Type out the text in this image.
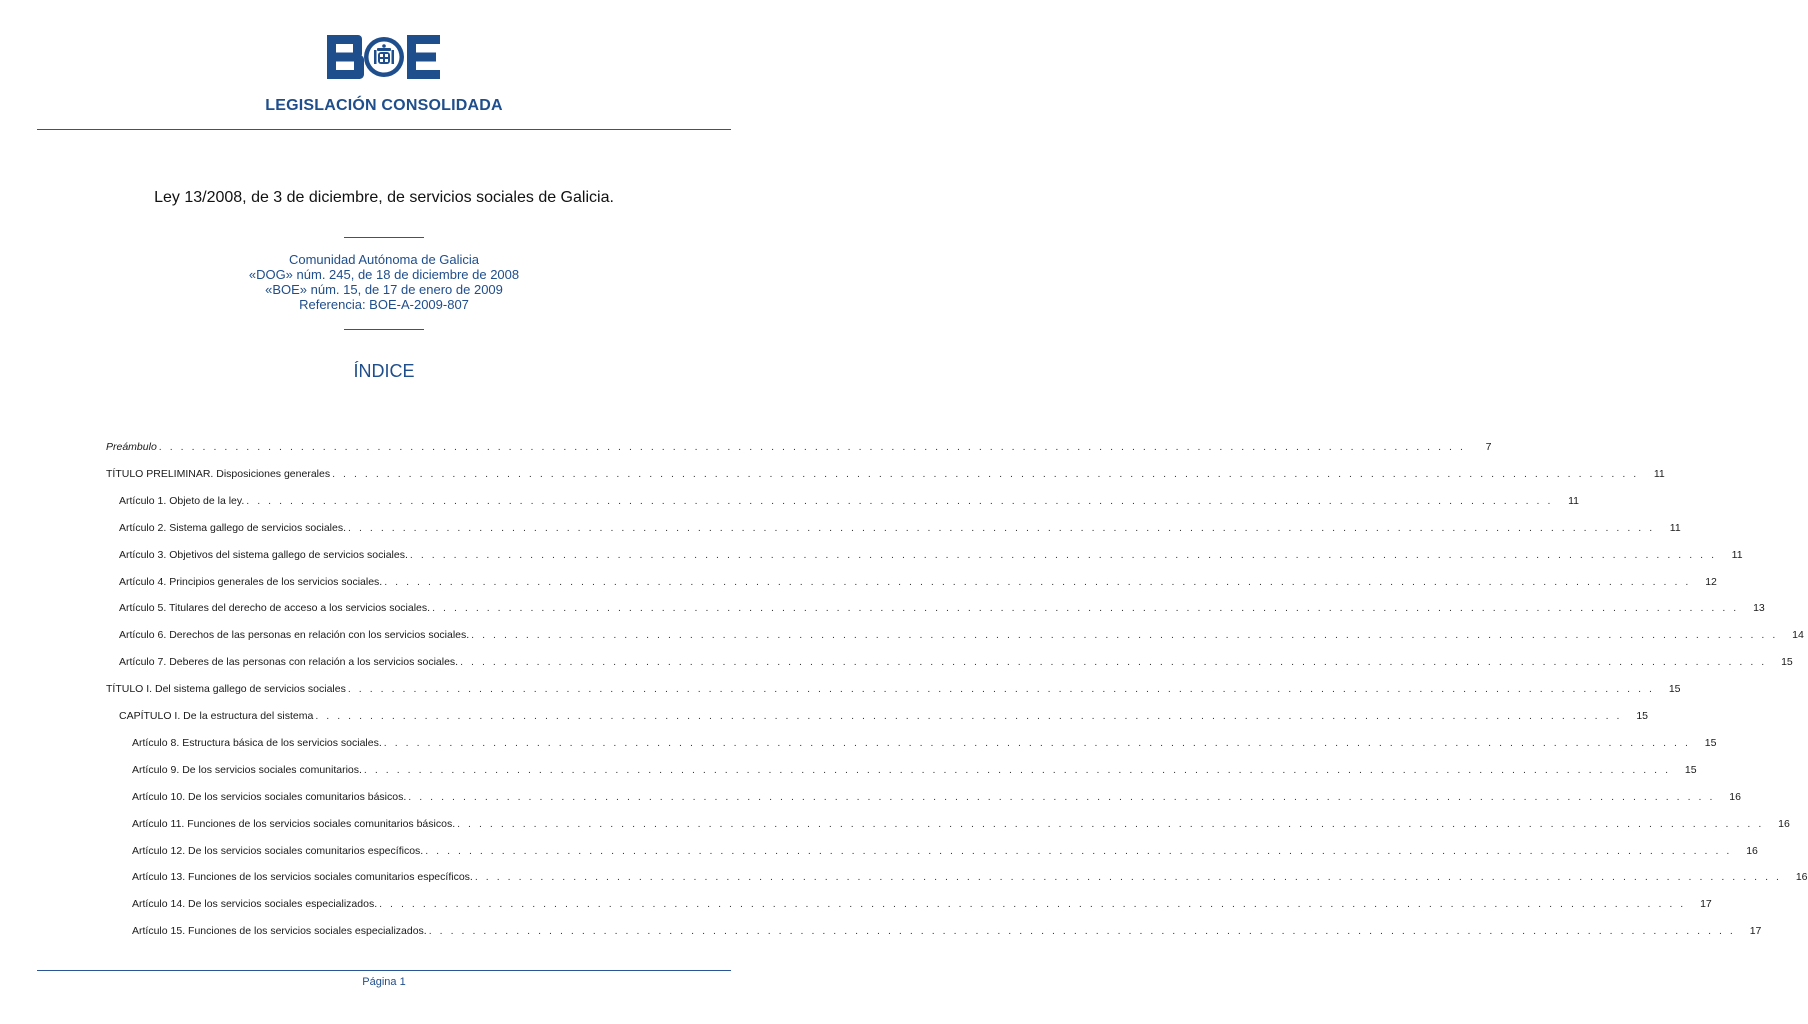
LEGISLACIÓN CONSOLIDADA
Ley 13/2008, de 3 de diciembre, de servicios sociales de Galicia.
Comunidad Autónoma de Galicia
«DOG» núm. 245, de 18 de diciembre de 2008
«BOE» núm. 15, de 17 de enero de 2009
Referencia: BOE-A-2009-807
ÍNDICE
Preámbulo . . . . . . . . . . . . . . . . . . . . . . . . . . . . . . . . . . . . . . . . . . . . . . . . . . . . . . . . . . . . . . . . . . . . . . . . . . . . . . . . . . . . . . . . . . . . . . . . . . . . . . . . . . . . . . . . . . . . . . . .	7
TÍTULO PRELIMINAR. Disposiciones generales . . . . . . . . . . . . . . . . . . . . . . . . . . . . . . . . . . . . . . . . . . . . . . . . . . . . . . . . . . . . . . . . . . . . . . . . . . . . . . . . . . . . . . . . . . . . . . . . . . . . . . . . . . . . . . . . . . . . . . . .	11
Artículo 1. Objeto de la ley. . . . . . . . . . . . . . . . . . . . . . . . . . . . . . . . . . . . . . . . . . . . . . . . . . . . . . . . . . . . . . . . . . . . . . . . . . . . . . . . . . . . . . . . . . . . . . . . . . . . . . . . . . . . . . . . . . . . . . . . .	11
Artículo 2. Sistema gallego de servicios sociales. . . . . . . . . . . . . . . . . . . . . . . . . . . . . . . . . . . . . . . . . . . . . . . . . . . . . . . . . . . . . . . . . . . . . . . . . . . . . . . . . . . . . . . . . . . . . . . . . . . . . . . . . . . . . . . . . . . . . . . . .	11
Artículo 3. Objetivos del sistema gallego de servicios sociales. . . . . . . . . . . . . . . . . . . . . . . . . . . . . . . . . . . . . . . . . . . . . . . . . . . . . . . . . . . . . . . . . . . . . . . . . . . . . . . . . . . . . . . . . . . . . . . . . . . . . . . . . . . . . . . . . . . . . . . . .	11
Artículo 4. Principios generales de los servicios sociales. . . . . . . . . . . . . . . . . . . . . . . . . . . . . . . . . . . . . . . . . . . . . . . . . . . . . . . . . . . . . . . . . . . . . . . . . . . . . . . . . . . . . . . . . . . . . . . . . . . . . . . . . . . . . . . . . . . . . . . . .	12
Artículo 5. Titulares del derecho de acceso a los servicios sociales. . . . . . . . . . . . . . . . . . . . . . . . . . . . . . . . . . . . . . . . . . . . . . . . . . . . . . . . . . . . . . . . . . . . . . . . . . . . . . . . . . . . . . . . . . . . . . . . . . . . . . . . . . . . . . . . . . . . . . . . .	13
Artículo 6. Derechos de las personas en relación con los servicios sociales. . . . . . . . . . . . . . . . . . . . . . . . . . . . . . . . . . . . . . . . . . . . . . . . . . . . . . . . . . . . . . . . . . . . . . . . . . . . . . . . . . . . . . . . . . . . . . . . . . . . . . . . . . . . . . . . . . . . . . . . .	14
Artículo 7. Deberes de las personas con relación a los servicios sociales. . . . . . . . . . . . . . . . . . . . . . . . . . . . . . . . . . . . . . . . . . . . . . . . . . . . . . . . . . . . . . . . . . . . . . . . . . . . . . . . . . . . . . . . . . . . . . . . . . . . . . . . . . . . . . . . . . . . . . . . .	15
TÍTULO I. Del sistema gallego de servicios sociales . . . . . . . . . . . . . . . . . . . . . . . . . . . . . . . . . . . . . . . . . . . . . . . . . . . . . . . . . . . . . . . . . . . . . . . . . . . . . . . . . . . . . . . . . . . . . . . . . . . . . . . . . . . . . . . . . . . . . . . .	15
CAPÍTULO I. De la estructura del sistema . . . . . . . . . . . . . . . . . . . . . . . . . . . . . . . . . . . . . . . . . . . . . . . . . . . . . . . . . . . . . . . . . . . . . . . . . . . . . . . . . . . . . . . . . . . . . . . . . . . . . . . . . . . . . . . . . . . . . . . .	15
Artículo 8. Estructura básica de los servicios sociales. . . . . . . . . . . . . . . . . . . . . . . . . . . . . . . . . . . . . . . . . . . . . . . . . . . . . . . . . . . . . . . . . . . . . . . . . . . . . . . . . . . . . . . . . . . . . . . . . . . . . . . . . . . . . . . . . . . . . . . . .	15
Artículo 9. De los servicios sociales comunitarios. . . . . . . . . . . . . . . . . . . . . . . . . . . . . . . . . . . . . . . . . . . . . . . . . . . . . . . . . . . . . . . . . . . . . . . . . . . . . . . . . . . . . . . . . . . . . . . . . . . . . . . . . . . . . . . . . . . . . . . . .	15
Artículo 10. De los servicios sociales comunitarios básicos. . . . . . . . . . . . . . . . . . . . . . . . . . . . . . . . . . . . . . . . . . . . . . . . . . . . . . . . . . . . . . . . . . . . . . . . . . . . . . . . . . . . . . . . . . . . . . . . . . . . . . . . . . . . . . . . . . . . . . . . .	16
Artículo 11. Funciones de los servicios sociales comunitarios básicos. . . . . . . . . . . . . . . . . . . . . . . . . . . . . . . . . . . . . . . . . . . . . . . . . . . . . . . . . . . . . . . . . . . . . . . . . . . . . . . . . . . . . . . . . . . . . . . . . . . . . . . . . . . . . . . . . . . . . . . . .	16
Artículo 12. De los servicios sociales comunitarios específicos. . . . . . . . . . . . . . . . . . . . . . . . . . . . . . . . . . . . . . . . . . . . . . . . . . . . . . . . . . . . . . . . . . . . . . . . . . . . . . . . . . . . . . . . . . . . . . . . . . . . . . . . . . . . . . . . . . . . . . . . .	16
Artículo 13. Funciones de los servicios sociales comunitarios específicos. . . . . . . . . . . . . . . . . . . . . . . . . . . . . . . . . . . . . . . . . . . . . . . . . . . . . . . . . . . . . . . . . . . . . . . . . . . . . . . . . . . . . . . . . . . . . . . . . . . . . . . . . . . . . . . . . . . . . . . . .	16
Artículo 14. De los servicios sociales especializados. . . . . . . . . . . . . . . . . . . . . . . . . . . . . . . . . . . . . . . . . . . . . . . . . . . . . . . . . . . . . . . . . . . . . . . . . . . . . . . . . . . . . . . . . . . . . . . . . . . . . . . . . . . . . . . . . . . . . . . . .	17
Artículo 15. Funciones de los servicios sociales especializados. . . . . . . . . . . . . . . . . . . . . . . . . . . . . . . . . . . . . . . . . . . . . . . . . . . . . . . . . . . . . . . . . . . . . . . . . . . . . . . . . . . . . . . . . . . . . . . . . . . . . . . . . . . . . . . . . . . . . . . . .	17
Página 1
